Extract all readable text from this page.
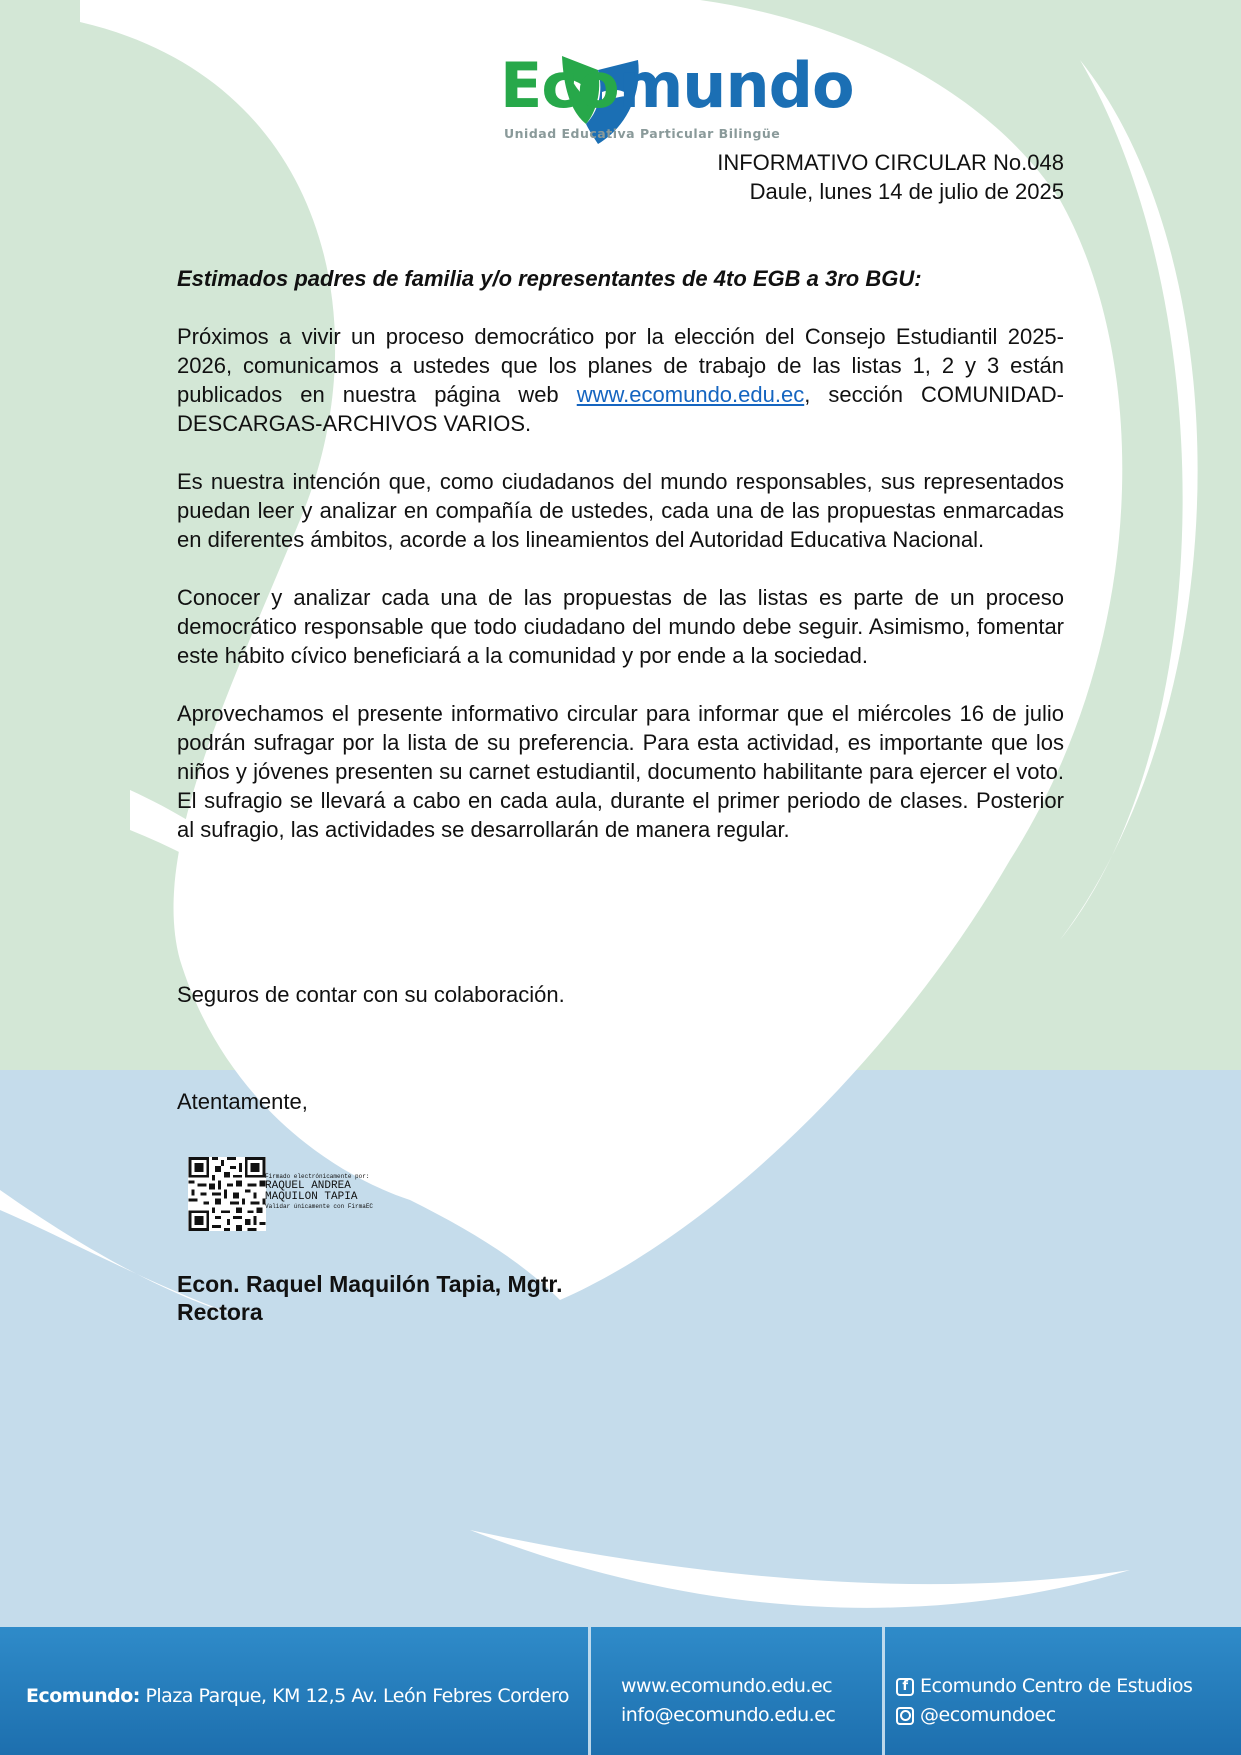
Ecomundo
Unidad Educativa Particular Bilingüe
INFORMATIVO CIRCULAR No.048
Daule, lunes 14 de julio de 2025

Estimados padres de familia y/o representantes de 4to EGB a 3ro BGU:

Próximos a vivir un proceso democrático por la elección del Consejo Estudiantil 2025-2026, comunicamos a ustedes que los planes de trabajo de las listas 1, 2 y 3 están publicados en nuestra página web www.ecomundo.edu.ec, sección COMUNIDAD-DESCARGAS-ARCHIVOS VARIOS.

Es nuestra intención que, como ciudadanos del mundo responsables, sus representados puedan leer y analizar en compañía de ustedes, cada una de las propuestas enmarcadas en diferentes ámbitos, acorde a los lineamientos del Autoridad Educativa Nacional.

Conocer y analizar cada una de las propuestas de las listas es parte de un proceso democrático responsable que todo ciudadano del mundo debe seguir. Asimismo, fomentar este hábito cívico beneficiará a la comunidad y por ende a la sociedad.

Aprovechamos el presente informativo circular para informar que el miércoles 16 de julio podrán sufragar por la lista de su preferencia. Para esta actividad, es importante que los niños y jóvenes presenten su carnet estudiantil, documento habilitante para ejercer el voto. El sufragio se llevará a cabo en cada aula, durante el primer periodo de clases. Posterior al sufragio, las actividades se desarrollarán de manera regular.

Seguros de contar con su colaboración.
Atentamente,
Firmado electrónicamente por:
RAQUEL ANDREA
MAQUILON TAPIA
Validar únicamente con FirmaEC
Econ. Raquel Maquilón Tapia, Mgtr.
Rectora
Ecomundo: Plaza Parque, KM 12,5 Av. León Febres Cordero	www.ecomundo.edu.ec
info@ecomundo.edu.ec
f Ecomundo Centro de Estudios
@ecomundoec
